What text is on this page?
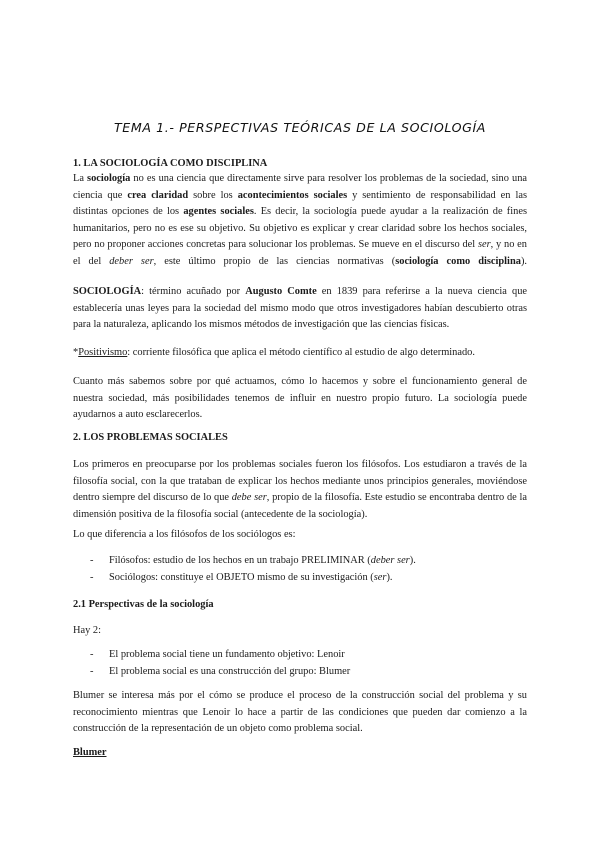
TEMA 1.- PERSPECTIVAS TEÓRICAS DE LA SOCIOLOGÍA
1. LA SOCIOLOGÍA COMO DISCIPLINA

La sociología no es una ciencia que directamente sirve para resolver los problemas de la sociedad, sino una ciencia que crea claridad sobre los acontecimientos sociales y sentimiento de responsabilidad en las distintas opciones de los agentes sociales. Es decir, la sociología puede ayudar a la realización de fines humanitarios, pero no es ese su objetivo. Su objetivo es explicar y crear claridad sobre los hechos sociales, pero no proponer acciones concretas para solucionar los problemas. Se mueve en el discurso del ser, y no en el del deber ser, este último propio de las ciencias normativas (sociología como disciplina).

SOCIOLOGÍA: término acuñado por Augusto Comte en 1839 para referirse a la nueva ciencia que establecería unas leyes para la sociedad del mismo modo que otros investigadores habían descubierto otras para la naturaleza, aplicando los mismos métodos de investigación que las ciencias físicas.

*Positivismo: corriente filosófica que aplica el método científico al estudio de algo determinado.

Cuanto más sabemos sobre por qué actuamos, cómo lo hacemos y sobre el funcionamiento general de nuestra sociedad, más posibilidades tenemos de influir en nuestro propio futuro. La sociología puede ayudarnos a auto esclarecerlos.

2. LOS PROBLEMAS SOCIALES

Los primeros en preocuparse por los problemas sociales fueron los filósofos. Los estudiaron a través de la filosofía social, con la que trataban de explicar los hechos mediante unos principios generales, moviéndose dentro siempre del discurso de lo que debe ser, propio de la filosofía. Este estudio se encontraba dentro de la dimensión positiva de la filosofía social (antecedente de la sociología).

Lo que diferencia a los filósofos de los sociólogos es:

- Filósofos: estudio de los hechos en un trabajo PRELIMINAR (deber ser).
- Sociólogos: constituye el OBJETO mismo de su investigación (ser).
2.1 Perspectivas de la sociología

Hay 2:

- El problema social tiene un fundamento objetivo: Lenoir
- El problema social es una construcción del grupo: Blumer

Blumer se interesa más por el cómo se produce el proceso de la construcción social del problema y su reconocimiento mientras que Lenoir lo hace a partir de las condiciones que pueden dar comienzo a la construcción de la representación de un objeto como problema social.

Blumer
